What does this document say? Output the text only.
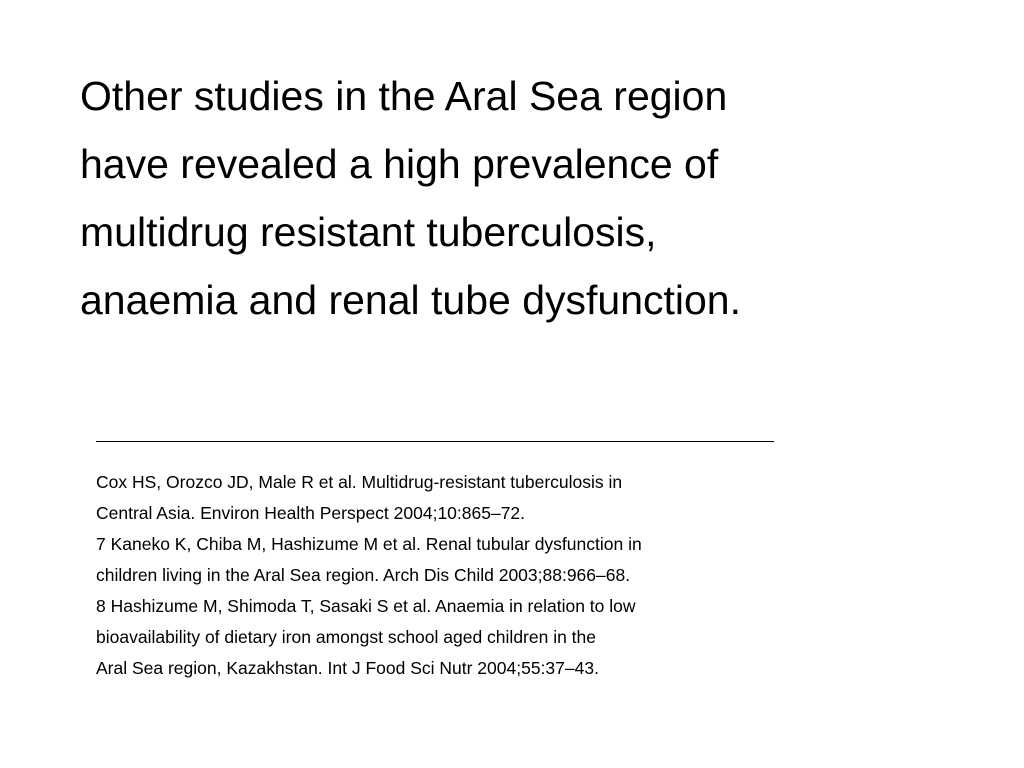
Other studies in the Aral Sea region
have revealed a high prevalence of
multidrug resistant tuberculosis,
anaemia and renal tube dysfunction.
Cox HS, Orozco JD, Male R et al. Multidrug-resistant tuberculosis in
Central Asia. Environ Health Perspect 2004;10:865–72.
7 Kaneko K, Chiba M, Hashizume M et al. Renal tubular dysfunction in
children living in the Aral Sea region. Arch Dis Child 2003;88:966–68.
8 Hashizume M, Shimoda T, Sasaki S et al. Anaemia in relation to low
bioavailability of dietary iron amongst school aged children in the
Aral Sea region, Kazakhstan. Int J Food Sci Nutr 2004;55:37–43.
